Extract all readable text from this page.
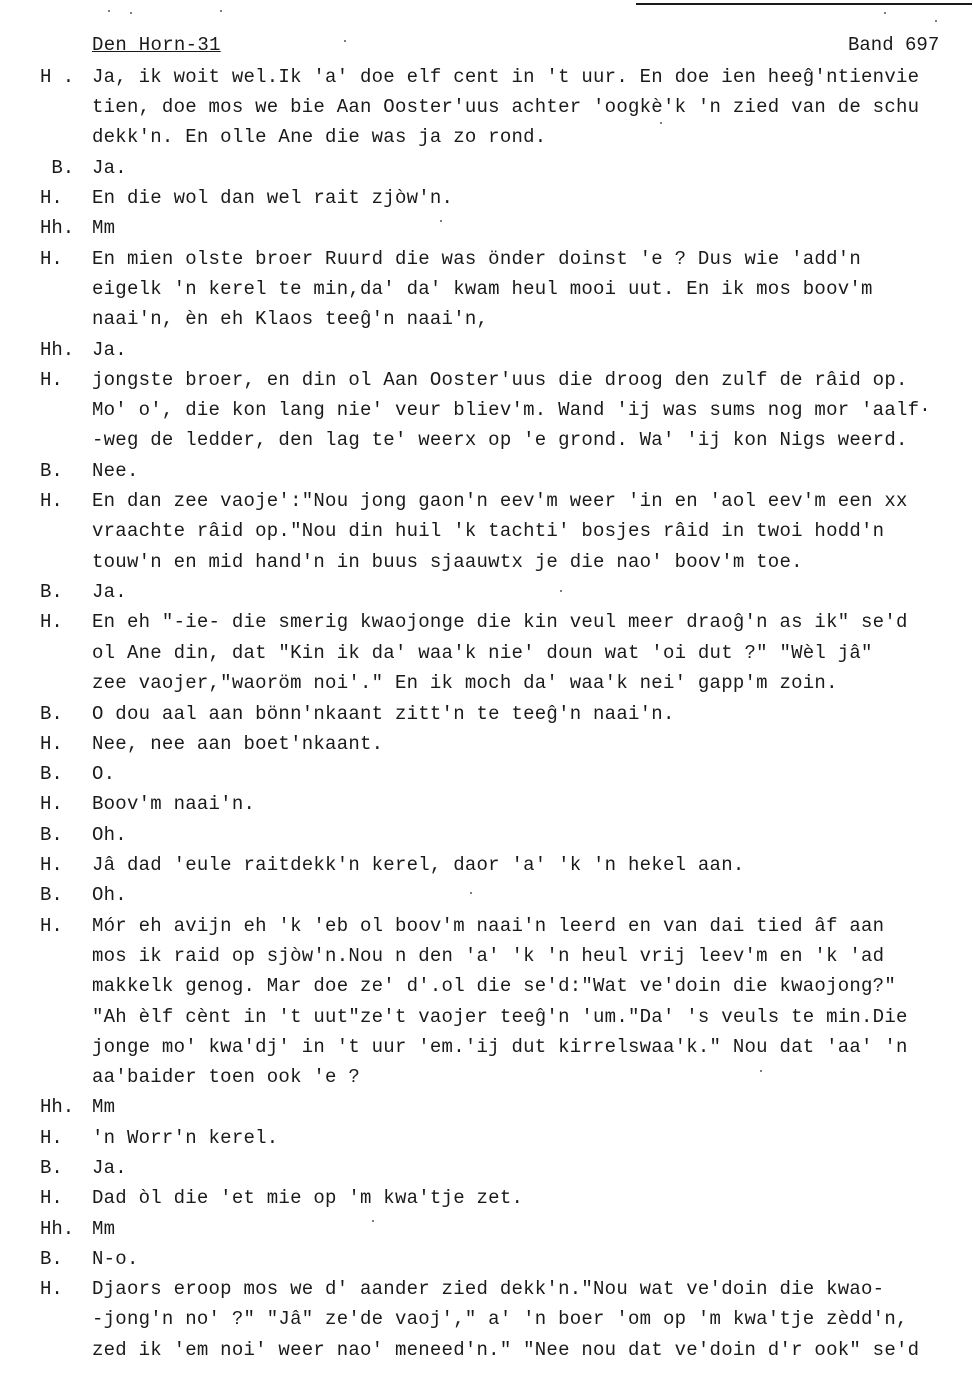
Den Horn-31	Band 697
H . Ja, ik woit wel.Ik 'a' doe elf cent in 't uur. En doe ien heeĝ'ntienvie
tien, doe mos we bie Aan Ooster'uus achter 'oogkè'k 'n zied van de schu
dekk'n. En olle Ane die was ja zo rond.
B. Ja.
H. En die wol dan wel rait zjòw'n.
Hh. Mm
H. En mien olste broer Ruurd die was önder doinst 'e ? Dus wie 'add'n
eigelk 'n kerel te min,da' da' kwam heul mooi uut. En ik mos boov'm
naai'n, èn eh Klaos teeĝ'n naai'n,
Hh. Ja.
H. jongste broer, en din ol Aan Ooster'uus die droog den zulf de râid op.
Mo' o', die kon lang nie' veur bliev'm. Wand 'ij was sums nog mor 'aalf·
-weg de ledder, den lag te' weerx op 'e grond. Wa' 'ij kon Nigs weerd.
B. Nee.
H. En dan zee vaoje':"Nou jong gaon'n eev'm weer 'in en 'aol eev'm een xx
vraachte râid op."Nou din huil 'k tachti' bosjes râid in twoi hodd'n
touw'n en mid hand'n in buus sjaauwtx je die nao' boov'm toe.
B. Ja.
H. En eh "-ie- die smerig kwaojonge die kin veul meer draoĝ'n as ik" se'd
ol Ane din, dat "Kin ik da' waa'k nie' doun wat 'oi dut ?" "Wèl jâ"
zee vaojer,"waoröm noi'." En ik moch da' waa'k nei' gapp'm zoin.
B. O dou aal aan bönn'nkaant zitt'n te teeĝ'n naai'n.
H. Nee, nee aan boet'nkaant.
B. O.
H. Boov'm naai'n.
B. Oh.
H. Jâ dad 'eule raitdekk'n kerel, daor 'a' 'k 'n hekel aan.
B. Oh.
H. Mór eh avijn eh 'k 'eb ol boov'm naai'n leerd en van dai tied âf aan
mos ik raid op sjòw'n.Nou n den 'a' 'k 'n heul vrij leev'm en 'k 'ad
makkelk genog. Mar doe ze' d'.ol die se'd:"Wat ve'doin die kwaojong?"
"Ah èlf cènt in 't uut"ze't vaojer teeĝ'n 'um."Da' 's veuls te min.Die
jonge mo' kwa'dj' in 't uur 'em.'ij dut kirrelswaa'k." Nou dat 'aa' 'n
aa'baider toen ook 'e ?
Hh. Mm
H. 'n Worr'n kerel.
B. Ja.
H. Dad òl die 'et mie op 'm kwa'tje zet.
Hh. Mm
B. N-o.
H. Djaors eroop mos we d' aander zied dekk'n."Nou wat ve'doin die kwao-
-jong'n no' ?" "Jâ" ze'de vaoj'," a' 'n boer 'om op 'm kwa'tje zèdd'n,
zed ik 'em noi' weer nao' meneed'n." "Nee nou dat ve'doin d'r ook" se'd
